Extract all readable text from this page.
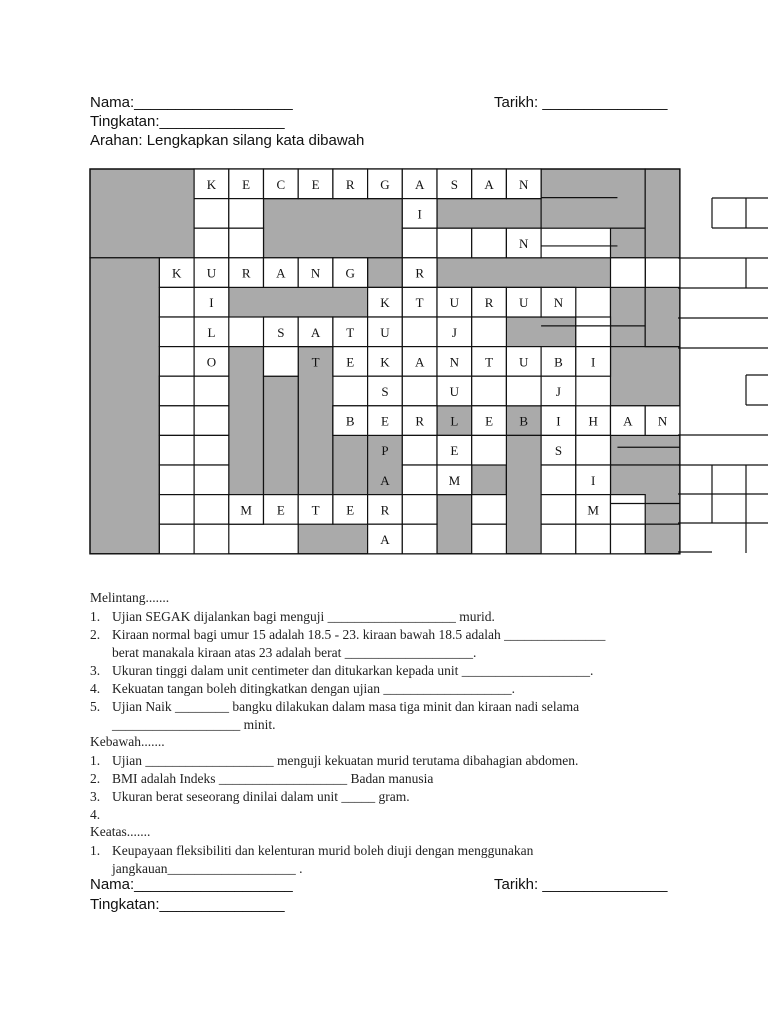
Nama:___________________	Tarikh: _______________
Tingkatan:_______________
Arahan: Lengkapkan silang kata dibawah
K E C E R G A S A N
I
N
K U R A N G	R
I	K T U R U N
L	S A T U	J
O	T E K A N T U B I
S	U	J
B E R L E B I H A N
P	E	S
A	M	I
M E T E R	M
A
Melintang.......
1. Ujian SEGAK dijalankan bagi menguji ___________________ murid.
2. Kiraan normal bagi umur 15 adalah 18.5 - 23. kiraan bawah 18.5 adalah _______________
berat manakala kiraan atas 23 adalah berat ___________________.
3. Ukuran tinggi dalam unit centimeter dan ditukarkan kepada unit ___________________.
4. Kekuatan tangan boleh ditingkatkan dengan ujian ___________________.
5. Ujian Naik ________ bangku dilakukan dalam masa tiga minit dan kiraan nadi selama
___________________ minit.
Kebawah.......
1. Ujian ___________________ menguji kekuatan murid terutama dibahagian abdomen.
2. BMI adalah Indeks ___________________ Badan manusia
3. Ukuran berat seseorang dinilai dalam unit _____ gram.
4.
Keatas.......
1. Keupayaan fleksibiliti dan kelenturan murid boleh diuji dengan menggunakan
jangkauan___________________ .
Nama:___________________	Tarikh: _______________
Tingkatan:_______________
